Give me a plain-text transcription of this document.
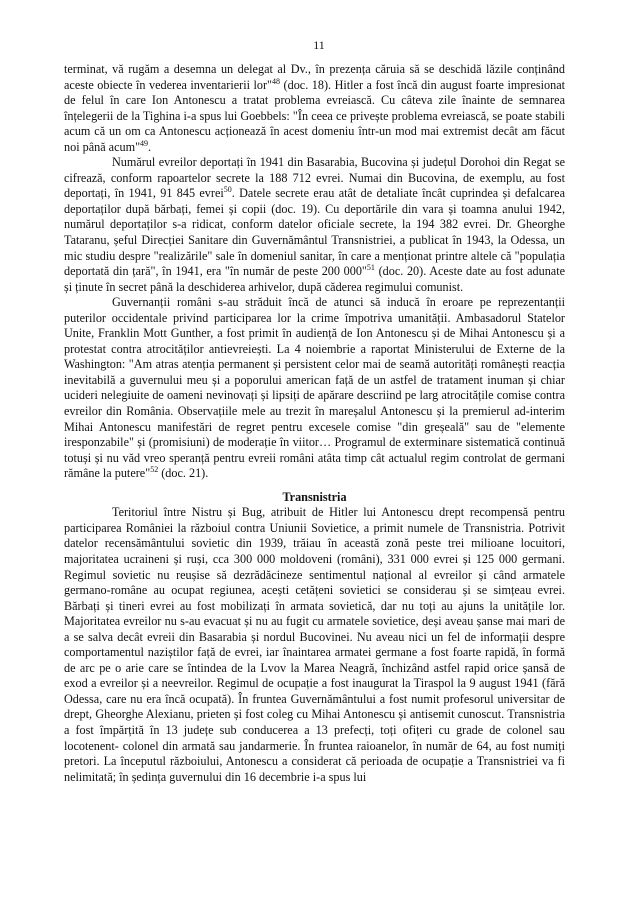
11

terminat, vă rugăm a desemna un delegat al Dv., în prezența căruia să se deschidă lăzile conținând aceste obiecte în vederea inventarierii lor"$^{48}$ (doc. 18). Hitler a fost încă din august foarte impresionat de felul în care Ion Antonescu a tratat problema evreiască. Cu câteva zile înainte de semnarea înțelegerii de la Tighina i-a spus lui Goebbels: "În ceea ce privește problema evreiască, se poate stabili acum că un om ca Antonescu acționează în acest domeniu într-un mod mai extremist decât am făcut noi până acum"$^{49}$.

Numărul evreilor deportați în 1941 din Basarabia, Bucovina și județul Dorohoi din Regat se cifrează, conform rapoartelor secrete la 188 712 evrei. Numai din Bucovina, de exemplu, au fost deportați, în 1941, 91 845 evrei$^{50}$. Datele secrete erau atât de detaliate încât cuprindea și defalcarea deportaților după bărbați, femei și copii (doc. 19). Cu deportările din vara și toamna anului 1942, numărul deportaților s-a ridicat, conform datelor oficiale secrete, la 194 382 evrei. Dr. Gheorghe Tataranu, șeful Direcției Sanitare din Guvernământul Transnistriei, a publicat în 1943, la Odessa, un mic studiu despre "realizările" sale în domeniul sanitar, în care a menționat printre altele că "populația deportată din țară", în 1941, era "în număr de peste 200 000"$^{51}$ (doc. 20). Aceste date au fost adunate și ținute în secret până la deschiderea arhivelor, după căderea regimului comunist.

Guvernanții români s-au străduit încă de atunci să inducă în eroare pe reprezentanții puterilor occidentale privind participarea lor la crime împotriva umanității. Ambasadorul Statelor Unite, Franklin Mott Gunther, a fost primit în audiență de Ion Antonescu și de Mihai Antonescu și a protestat contra atrocităților antievreiești. La 4 noiembrie a raportat Ministerului de Externe de la Washington: "Am atras atenția permanent și persistent celor mai de seamă autorități românești reacția inevitabilă a guvernului meu și a poporului american față de un astfel de tratament inuman și chiar ucideri nelegiuite de oameni nevinovați și lipsiți de apărare descriind pe larg atrocitățile comise contra evreilor din România. Observațiile mele au trezit în mareșalul Antonescu și la premierul ad-interim Mihai Antonescu manifestări de regret pentru excesele comise "din greșeală" sau de "elemente iresponzabile" și (promisiuni) de moderație în viitor… Programul de exterminare sistematică continuă totuși și nu văd vreo speranță pentru evreii români atâta timp cât actualul regim controlat de germani rămâne la putere"$^{52}$ (doc. 21).

Transnistria

Teritoriul între Nistru și Bug, atribuit de Hitler lui Antonescu drept recompensă pentru participarea României la războiul contra Uniunii Sovietice, a primit numele de Transnistria. Potrivit datelor recensământului sovietic din 1939, trăiau în această zonă peste trei milioane locuitori, majoritatea ucraineni și ruși, cca 300 000 moldoveni (români), 331 000 evrei și 125 000 germani. Regimul sovietic nu reușise să dezrădăcineze sentimentul național al evreilor și când armatele germano-române au ocupat regiunea, acești cetățeni sovietici se considerau și se simțeau evrei. Bărbați și tineri evrei au fost mobilizați în armata sovietică, dar nu toți au ajuns la unitățile lor. Majoritatea evreilor nu s-au evacuat și nu au fugit cu armatele sovietice, deși aveau șanse mai mari de a se salva decât evreii din Basarabia și nordul Bucovinei. Nu aveau nici un fel de informații despre comportamentul naziștilor față de evrei, iar înaintarea armatei germane a fost foarte rapidă, în formă de arc pe o arie care se întindea de la Lvov la Marea Neagră, închizând astfel rapid orice șansă de exod a evreilor și a neevreilor. Regimul de ocupație a fost inaugurat la Tiraspol la 9 august 1941 (fără Odessa, care nu era încă ocupată). În fruntea Guvernământului a fost numit profesorul universitar de drept, Gheorghe Alexianu, prieten și fost coleg cu Mihai Antonescu și antisemit cunoscut. Transnistria a fost împărțită în 13 județe sub conducerea a 13 prefecți, toți ofițeri cu grade de colonel sau locotenent- colonel din armată sau jandarmerie. În fruntea raioanelor, în număr de 64, au fost numiți pretori. La începutul războiului, Antonescu a considerat că perioada de ocupație a Transnistriei va fi nelimitată; în ședința guvernului din 16 decembrie i-a spus lui
